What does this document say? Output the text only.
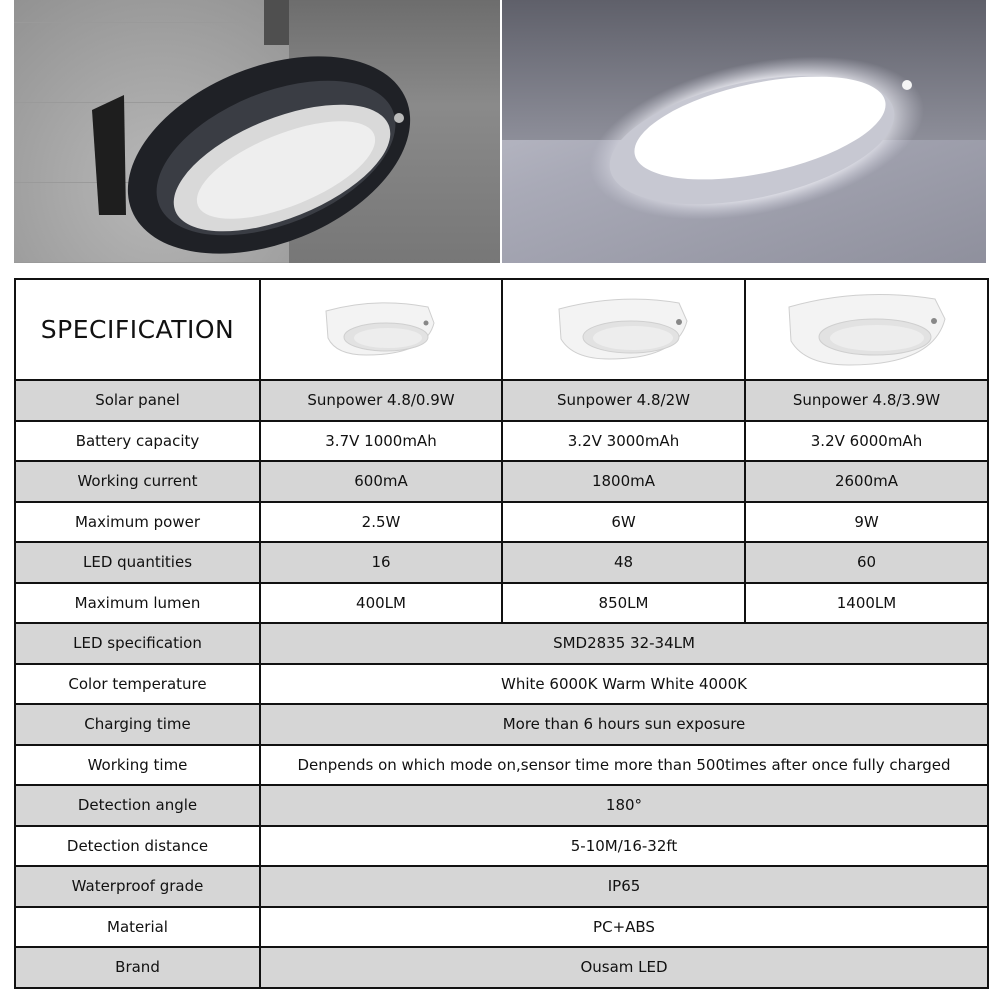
SPECIFICATION			
Solar panel	Sunpower 4.8/0.9W	Sunpower 4.8/2W	Sunpower 4.8/3.9W
Battery capacity	3.7V 1000mAh	3.2V 3000mAh	3.2V 6000mAh
Working current	600mA	1800mA	2600mA
Maximum power	2.5W	6W	9W
LED quantities	16	48	60
Maximum lumen	400LM	850LM	1400LM
LED specification	SMD2835 32-34LM		
Color temperature	White 6000K Warm White 4000K		
Charging time	More than 6 hours sun exposure		
Working time	Denpends on which mode on,sensor time more than 500times after once fully charged		
Detection angle	180°		
Detection distance	5-10M/16-32ft		
Waterproof grade	IP65		
Material	PC+ABS		
Brand	Ousam LED		
